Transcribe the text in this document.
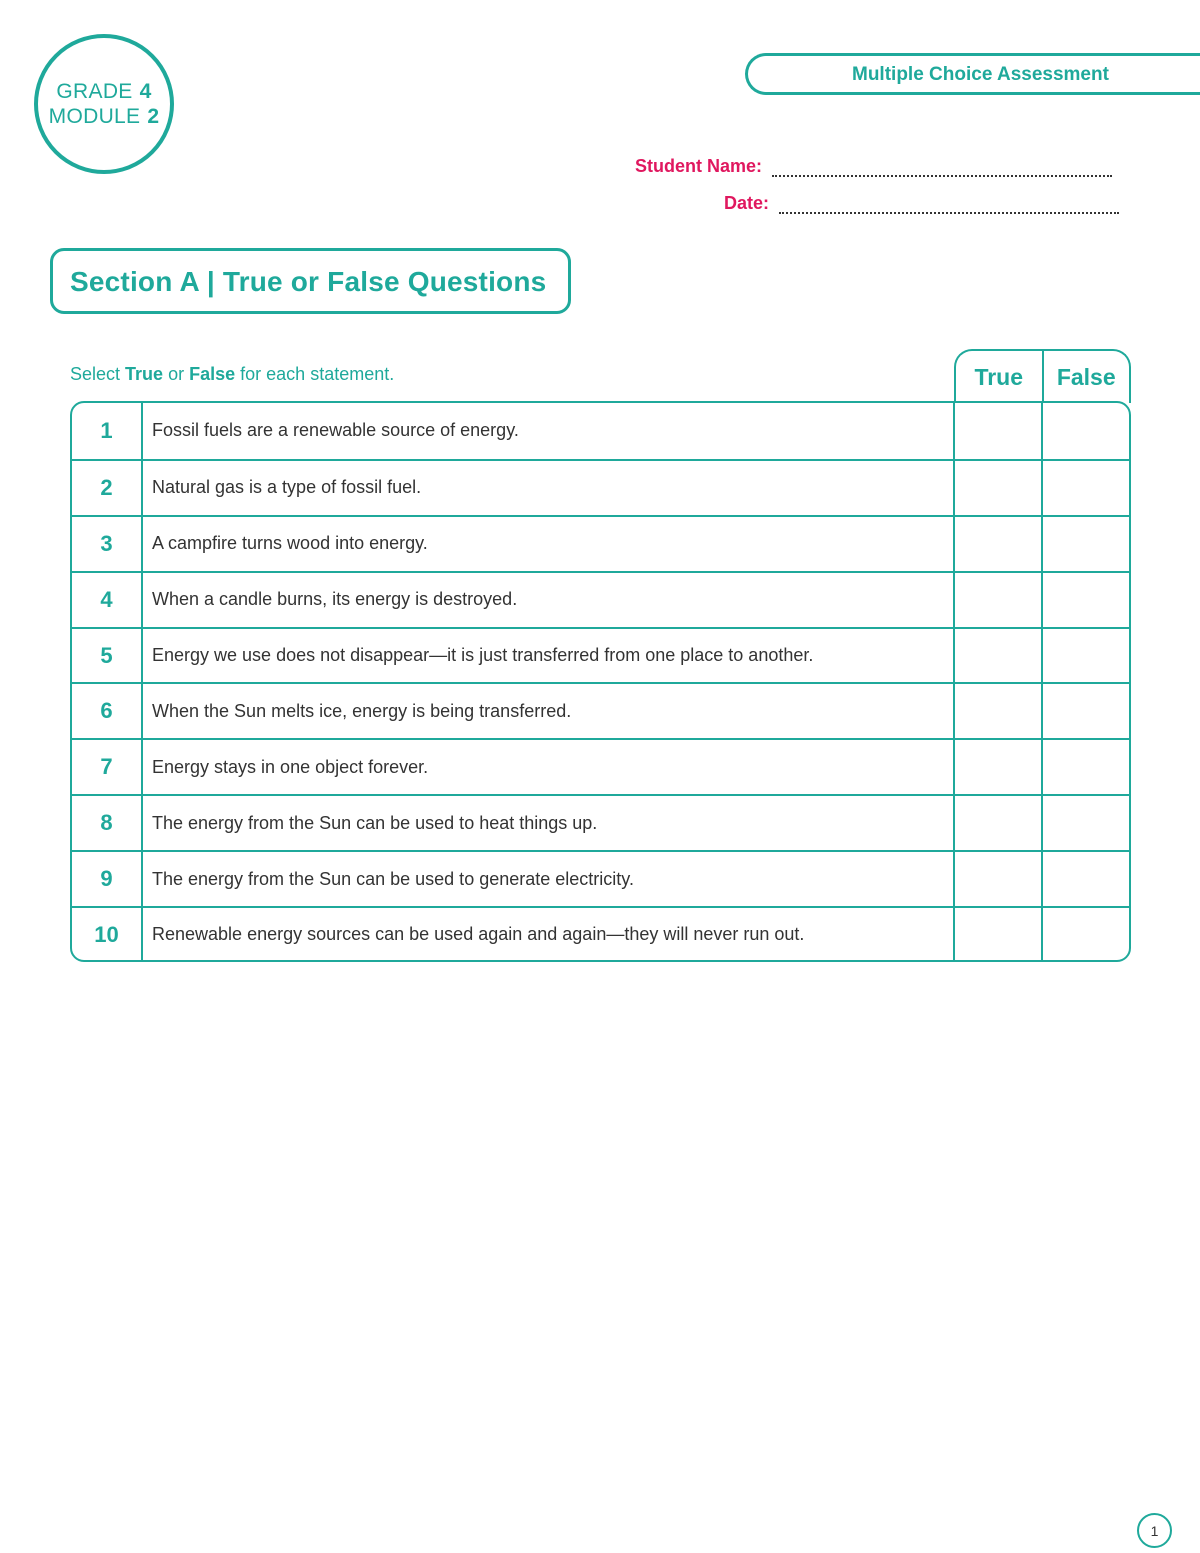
GRADE 4
MODULE 2
Multiple Choice Assessment
Student Name:
Date:
Section A | True or False Questions
Select True or False for each statement.	True	False
1	Fossil fuels are a renewable source of energy.
2	Natural gas is a type of fossil fuel.
3	A campfire turns wood into energy.
4	When a candle burns, its energy is destroyed.
5	Energy we use does not disappear—it is just transferred from one place to another.
6	When the Sun melts ice, energy is being transferred.
7	Energy stays in one object forever.
8	The energy from the Sun can be used to heat things up.
9	The energy from the Sun can be used to generate electricity.
10	Renewable energy sources can be used again and again—they will never run out.
1
